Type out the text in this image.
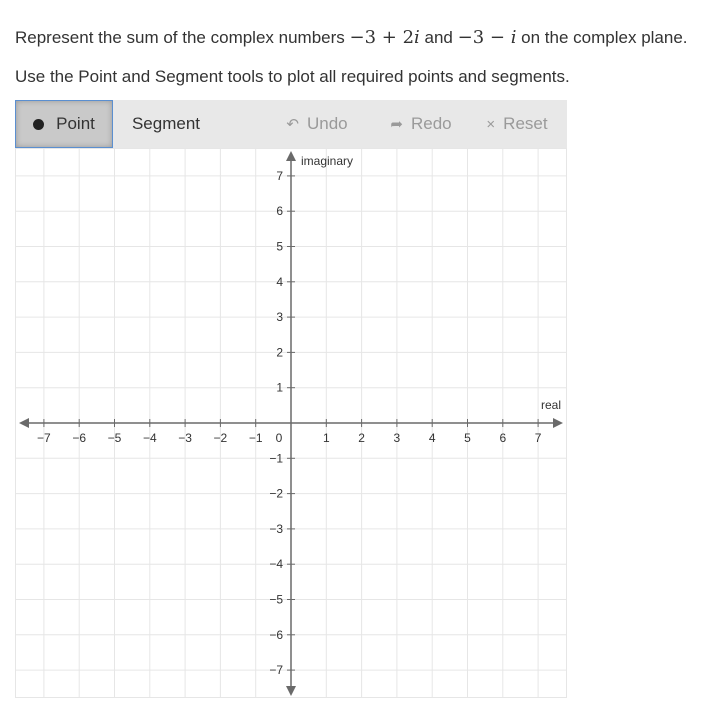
Represent the sum of the complex numbers −3 + 2i and −3 − i on the complex plane.
Use the Point and Segment tools to plot all required points and segments.
Point Segment	↶ Undo	➦ Redo × Reset
−7 −6 −5 −4 −3 −2 −1	1 2 3 4 5 6 7
−7
−6
−5
−4
−3
−2
−1
1
2
3
4
5
6
7
0
real
imaginary
